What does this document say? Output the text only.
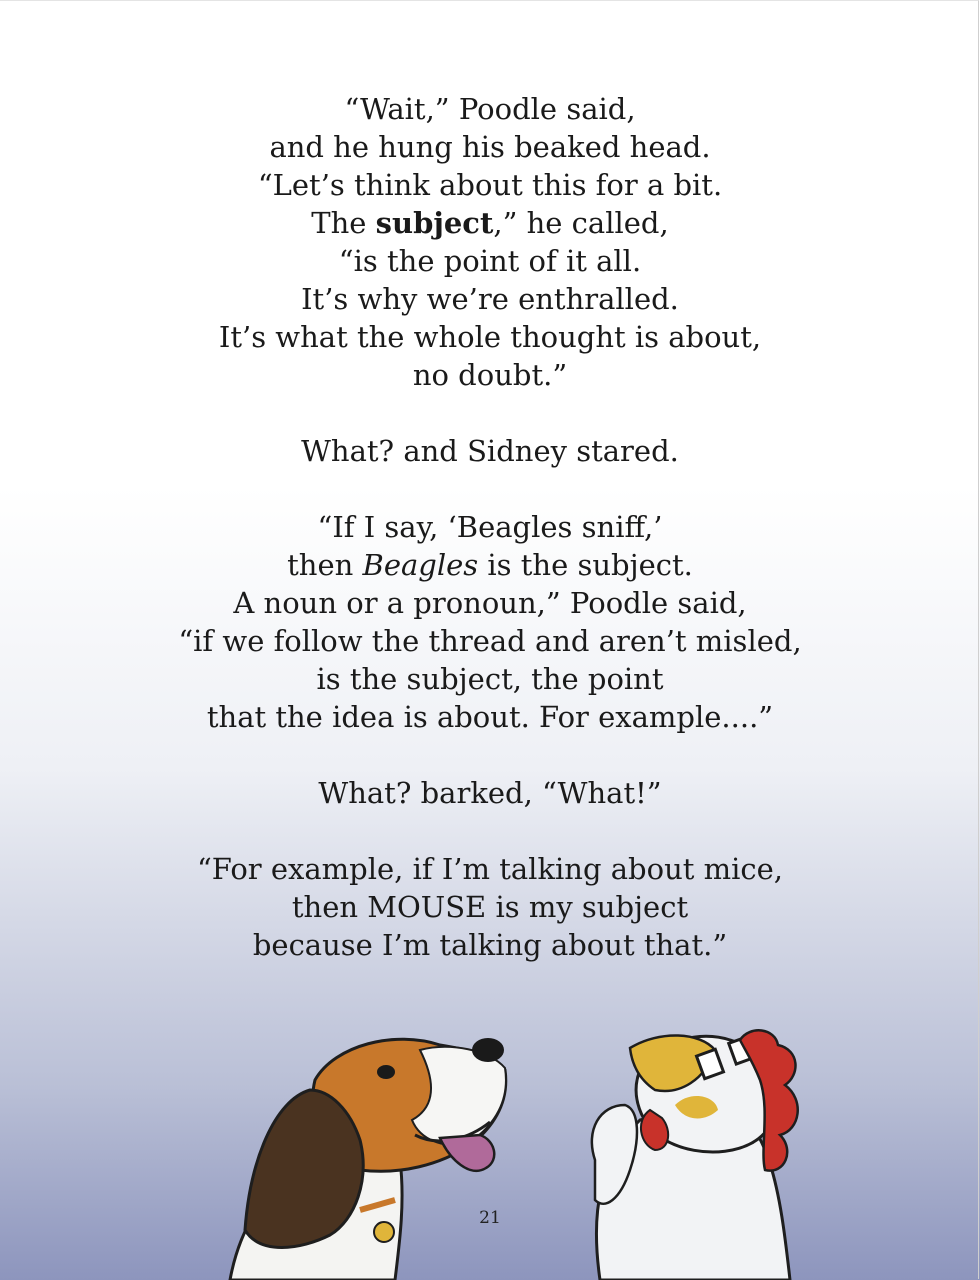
“Wait,” Poodle said,
and he hung his beaked head.
“Let’s think about this for a bit.
The subject,” he called,
“is the point of it all.
It’s why we’re enthralled.
It’s what the whole thought is about,
no doubt.”
What? and Sidney stared.
“If I say, ‘Beagles sniff,’
then Beagles is the subject.
A noun or a pronoun,” Poodle said,
“if we follow the thread and aren’t misled,
is the subject, the point
that the idea is about. For example....”
What? barked, “What!”
“For example, if I’m talking about mice,
then MOUSE is my subject
because I’m talking about that.”
21
